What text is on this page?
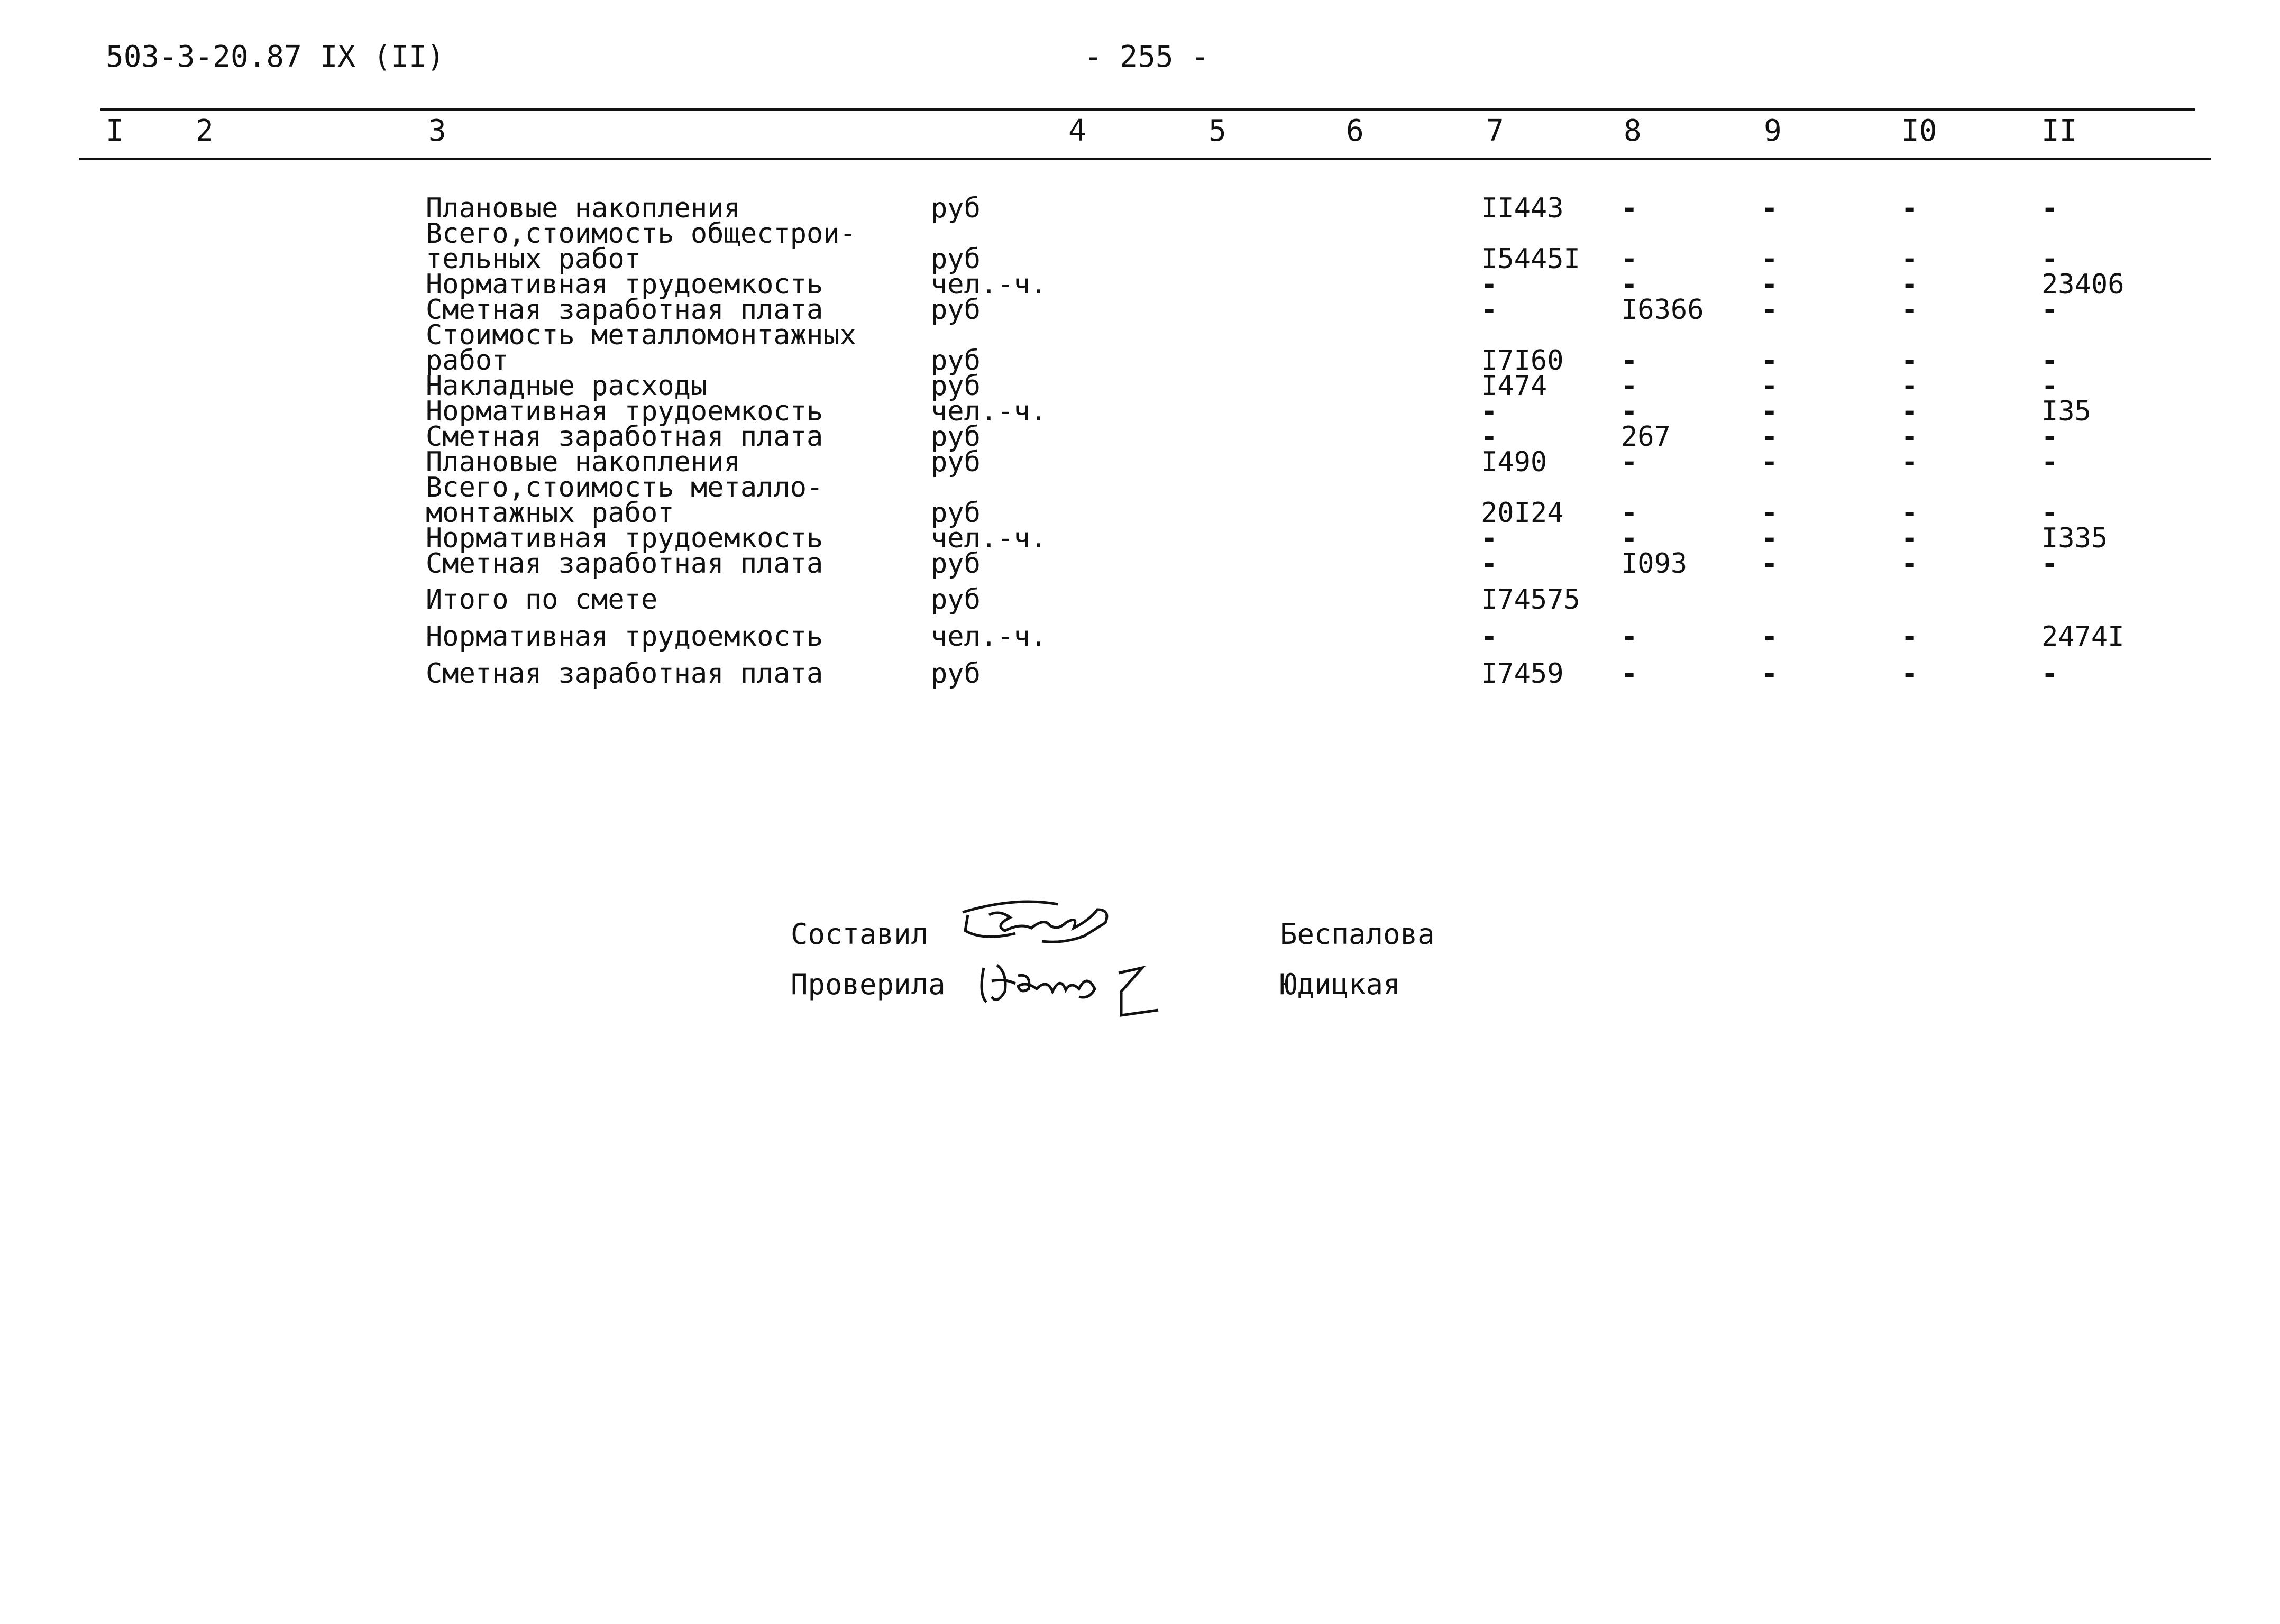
503-3-20.87 IX (II)	- 255 -
I 2	3	4	5	6	7	8	9	I0	II
Плановые накопления	руб	II443 -	-	-	-
Всего,стоимость общестрои-
тельных работ	руб	I5445I -	-	-	-
Нормативная трудоемкость	чел.-ч.	-	-	-	-	23406
Сметная заработная плата	руб	-	I6366 -	-	-
Стоимость металломонтажных
работ	руб	I7I60 -	-	-	-
Накладные расходы	руб	I474	-	-	-	-
Нормативная трудоемкость	чел.-ч.	-	-	-	-	I35
Сметная заработная плата	руб	-	267	-	-	-
Плановые накопления	руб	I490	-	-	-	-
Всего,стоимость металло-
монтажных работ	руб	20I24 -	-	-	-
Нормативная трудоемкость	чел.-ч.	-	-	-	-	I335
Сметная заработная плата	руб	-	I093	-	-	-
Итого по смете	руб	I74575
Нормативная трудоемкость	чел.-ч.	-	-	-	-	2474I
Сметная заработная плата	руб	I7459 -	-	-	-
Составил	Беспалова
Проверила	Юдицкая
